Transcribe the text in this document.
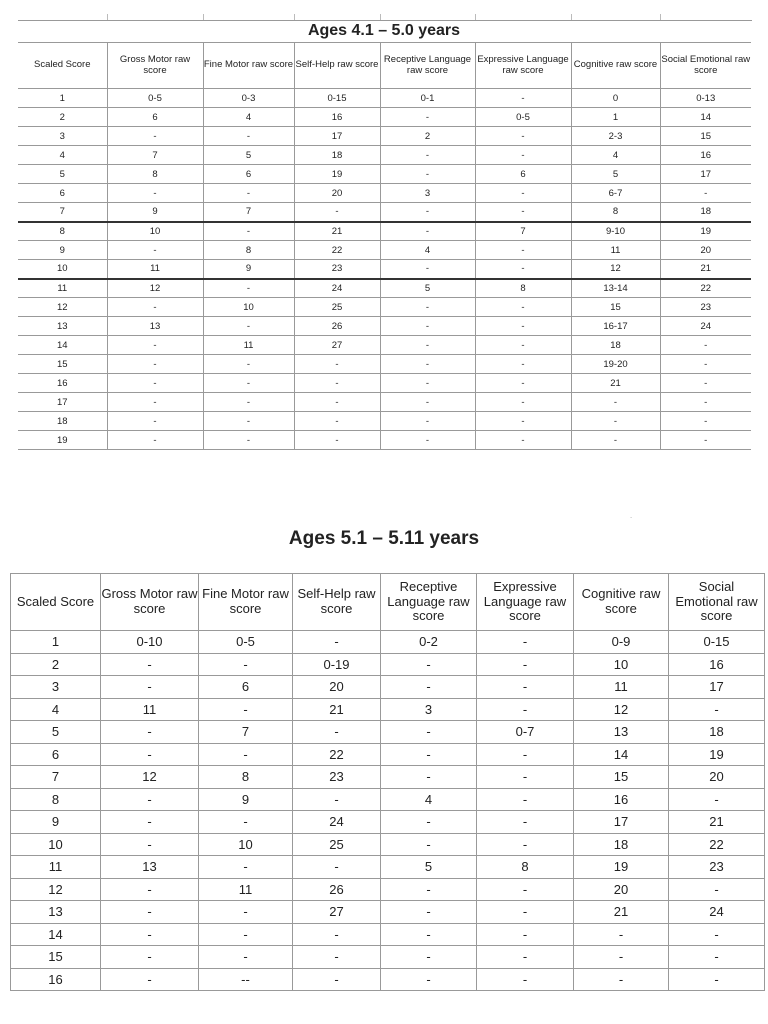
Ages 4.1 – 5.0 years
Scaled Score	Gross Motor raw score	Fine Motor raw score	Self-Help raw score	Receptive Language raw score	Expressive Language raw score	Cognitive raw score	Social Emotional raw score
1	0-5	0-3	0-15	0-1	-	0	0-13
2	6	4	16	-	0-5	1	14
3	-	-	17	2	-	2-3	15
4	7	5	18	-	-	4	16
5	8	6	19	-	6	5	17
6	-	-	20	3	-	6-7	-
7	9	7	-	-	-	8	18
8	10	-	21	-	7	9-10	19
9	-	8	22	4	-	11	20
10	11	9	23	-	-	12	21
11	12	-	24	5	8	13-14	22
12	-	10	25	-	-	15	23
13	13	-	26	-	-	16-17	24
14	-	11	27	-	-	18	-
15	-	-	-	-	-	19-20	-
16	-	-	-	-	-	21	-
17	-	-	-	-	-	-	-
18	-	-	-	-	-	-	-
19	-	-	-	-	-	-	-
˙
Ages 5.1 – 5.11 years
Scaled Score	Gross Motor raw score	Fine Motor raw score	Self-Help raw score	Receptive Language raw score	Expressive Language raw score	Cognitive raw score	Social Emotional raw score
1	0-10	0-5	-	0-2	-	0-9	0-15
2	-	-	0-19	-	-	10	16
3	-	6	20	-	-	11	17
4	11	-	21	3	-	12	-
5	-	7	-	-	0-7	13	18
6	-	-	22	-	-	14	19
7	12	8	23	-	-	15	20
8	-	9	-	4	-	16	-
9	-	-	24	-	-	17	21
10	-	10	25	-	-	18	22
11	13	-	-	5	8	19	23
12	-	11	26	-	-	20	-
13	-	-	27	-	-	21	24
14	-	-	-	-	-	-	-
15	-	-	-	-	-	-	-
16	-	--	-	-	-	-	-
